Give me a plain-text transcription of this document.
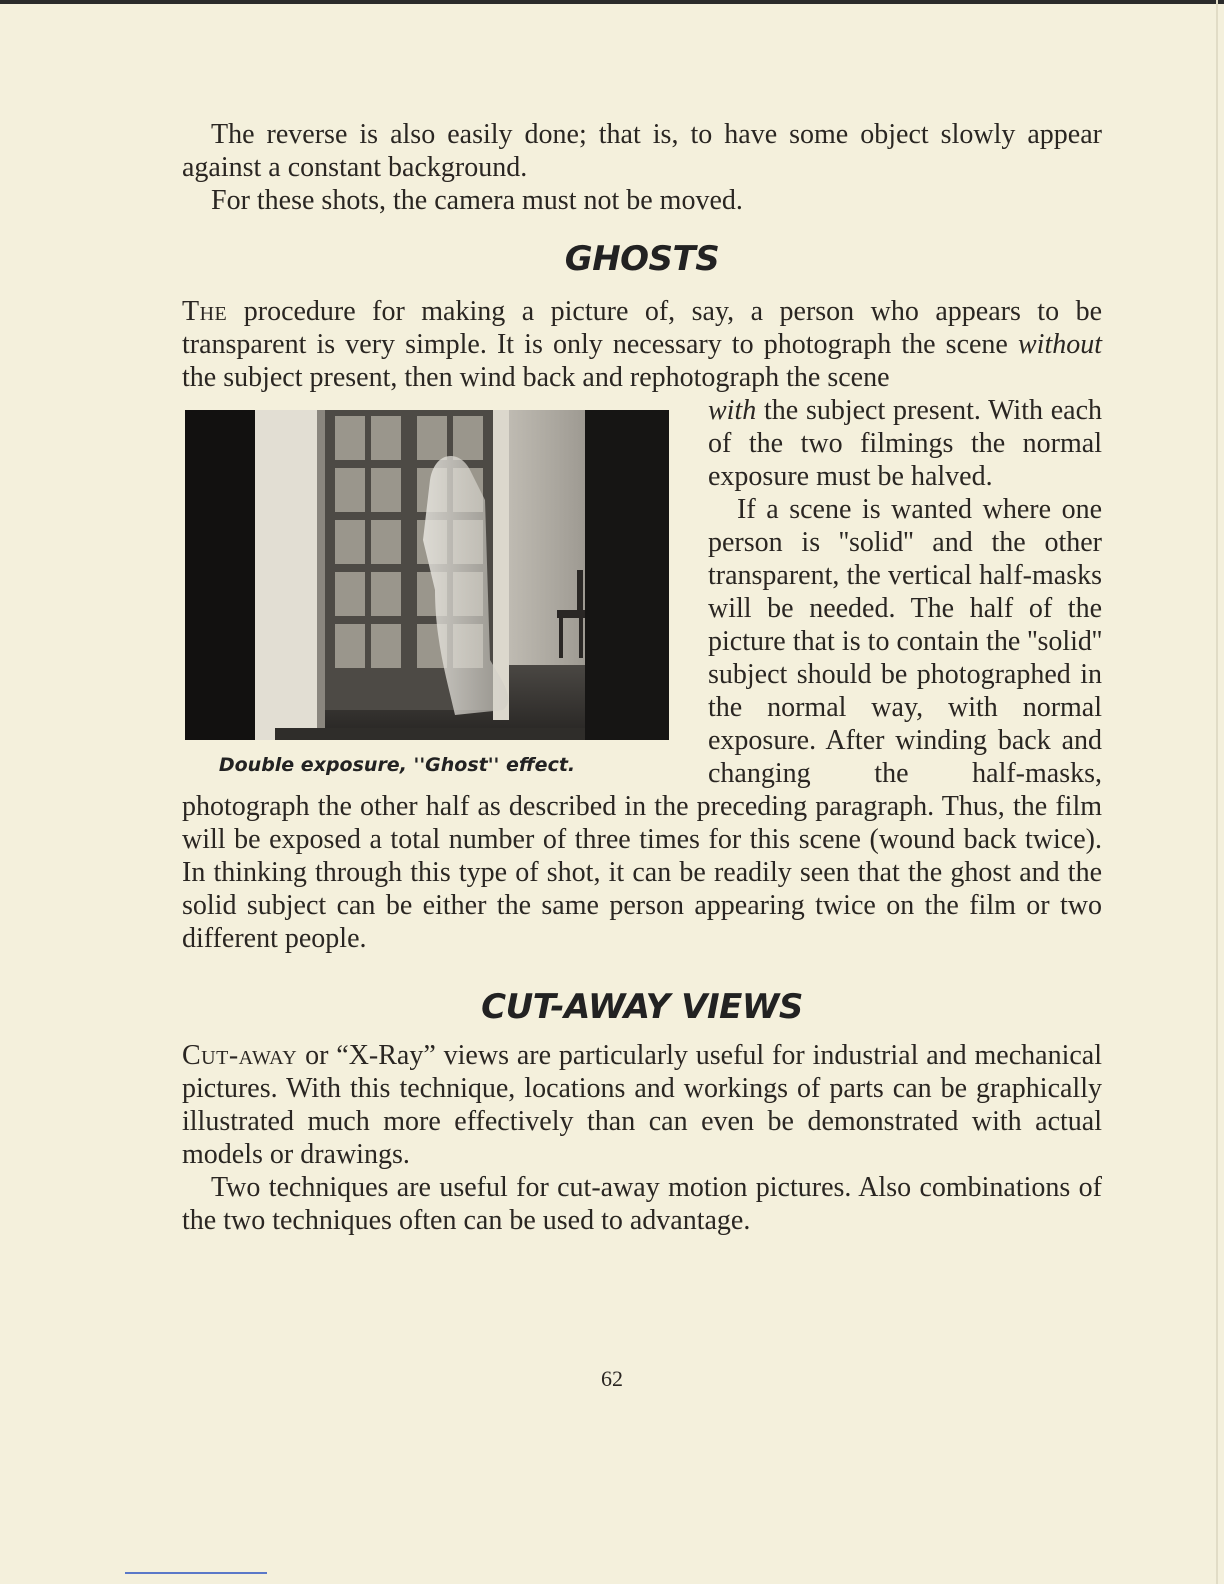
The reverse is also easily done; that is, to have some object slowly appear against a constant background.

For these shots, the camera must not be moved.

GHOSTS

The procedure for making a picture of, say, a person who appears to be transparent is very simple. It is only necessary to photograph the scene without the subject present, then wind back and rephotograph the scene

Double exposure, ''Ghost'' effect.

with the subject present. With each of the two filmings the normal exposure must be halved.

If a scene is wanted where one person is ''solid'' and the other transparent, the vertical half-masks will be needed. The half of the picture that is to contain the ''solid'' subject should be photographed in the normal way, with normal exposure. After winding back and changing the half-masks, photograph the other half as described in the preceding paragraph. Thus, the film will be exposed a total number of three times for this scene (wound back twice). In thinking through this type of shot, it can be readily seen that the ghost and the solid subject can be either the same person appearing twice on the film or two different people.

CUT-AWAY VIEWS

Cut-away or “X-Ray” views are particularly useful for industrial and mechanical pictures. With this technique, locations and workings of parts can be graphically illustrated much more effectively than can even be demonstrated with actual models or drawings.

Two techniques are useful for cut-away motion pictures. Also combinations of the two techniques often can be used to advantage.

62
